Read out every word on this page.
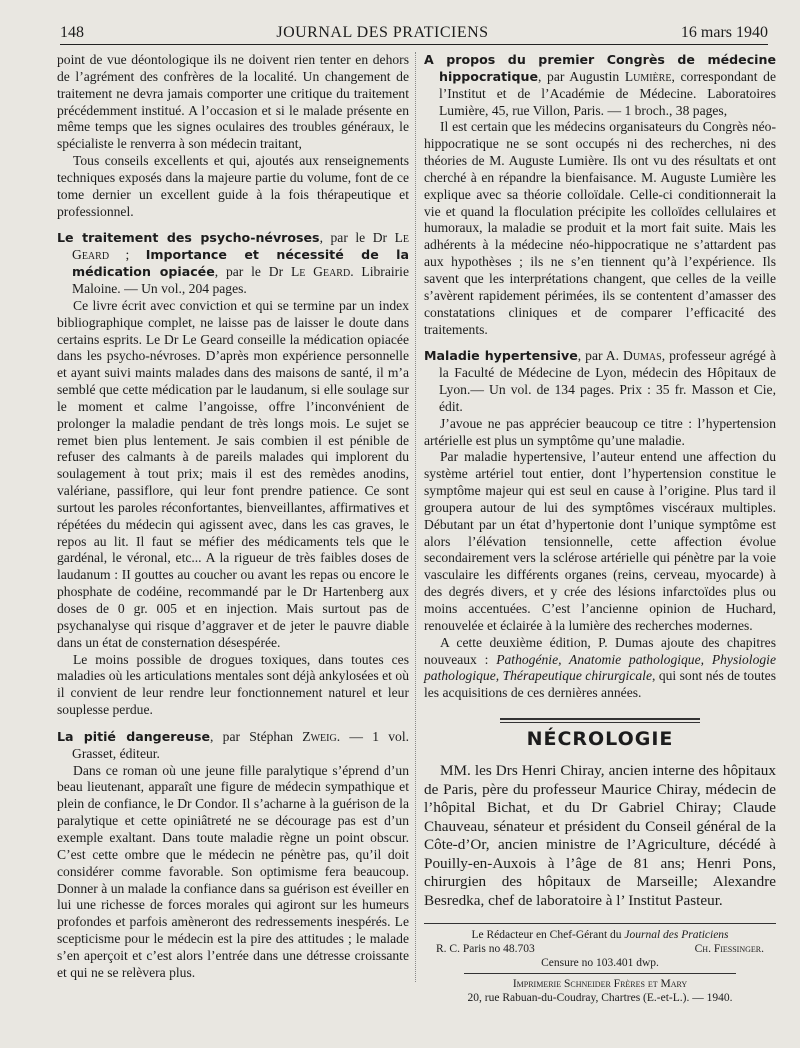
148	JOURNAL DES PRATICIENS	16 mars 1940

point de vue déontologique ils ne doivent rien tenter en dehors de l’agrément des confrères de la localité. Un changement de traitement ne devra jamais comporter une critique du traitement précédemment institué. A l’occasion et si le malade présente en même temps que les signes oculaires des troubles généraux, le spécialiste le renverra à son médecin traitant,

Tous conseils excellents et qui, ajoutés aux renseignements techniques exposés dans la majeure partie du volume, font de ce tome dernier un excellent guide à la fois thérapeutique et professionnel.

Le traitement des psycho-névroses, par le Dr Le Geard ; Importance et nécessité de la médication opiacée, par le Dr Le Geard. Librairie Maloine. — Un vol., 204 pages.

Ce livre écrit avec conviction et qui se termine par un index bibliographique complet, ne laisse pas de laisser le doute dans certains esprits. Le Dr Le Geard conseille la médication opiacée dans les psycho-névroses. D’après mon expérience personnelle et ayant suivi maints malades dans des maisons de santé, il m’a semblé que cette médication par le laudanum, si elle soulage sur le moment et calme l’angoisse, offre l’inconvénient de prolonger la maladie pendant de très longs mois. Le sujet se remet bien plus lentement. Je sais combien il est pénible de refuser des calmants à de pareils malades qui implorent du soulagement à tout prix; mais il est des remèdes anodins, valériane, passiflore, qui leur font prendre patience. Ce sont surtout les paroles réconfortantes, bienveillantes, affirmatives et répétées du médecin qui agissent avec, dans les cas graves, le repos au lit. Il faut se méfier des médicaments tels que le gardénal, le véronal, etc... A la rigueur de très faibles doses de laudanum : II gouttes au coucher ou avant les repas ou encore le phosphate de codéine, recommandé par le Dr Hartenberg aux doses de 0 gr. 005 et en injection. Mais surtout pas de psychanalyse qui risque d’aggraver et de jeter le pauvre diable dans un état de consternation désespérée.

Le moins possible de drogues toxiques, dans toutes ces maladies où les articulations mentales sont déjà ankylosées et où il convient de leur rendre leur fonctionnement naturel et leur souplesse perdue.

La pitié dangereuse, par Stéphan Zweig. — 1 vol. Grasset, éditeur.

Dans ce roman où une jeune fille paralytique s’éprend d’un beau lieutenant, apparaît une figure de médecin sympathique et plein de confiance, le Dr Condor. Il s’acharne à la guérison de la paralytique et cette opiniâtreté ne se décourage pas est d’un exemple exaltant. Dans toute maladie règne un point obscur. C’est cette ombre que le médecin ne pénètre pas, qu’il doit considérer comme favorable. Son optimisme fera beaucoup. Donner à un malade la confiance dans sa guérison est éveiller en lui une richesse de forces morales qui agiront sur les humeurs profondes et parfois amèneront des redressements inespérés. Le scepticisme pour le médecin est la pire des attitudes ; le malade s’en aperçoit et c’est alors l’entrée dans une détresse croissante et qui ne se relèvera plus.

A propos du premier Congrès de médecine hippocratique, par Augustin Lumière, correspondant de l’Institut et de l’Académie de Médecine. Laboratoires Lumière, 45, rue Villon, Paris. — 1 broch., 38 pages,

Il est certain que les médecins organisateurs du Congrès néo-hippocratique ne se sont occupés ni des recherches, ni des théories de M. Auguste Lumière. Ils ont vu des résultats et ont cherché à en répandre la bienfaisance. M. Auguste Lumière les explique avec sa théorie colloïdale. Celle-ci conditionnerait la vie et quand la floculation précipite les colloïdes cellulaires et humoraux, la maladie se produit et la mort fait suite. Mais les adhérents à la médecine néo-hippocratique ne s’attardent pas aux hypothèses ; ils ne s’en tiennent qu’à l’expérience. Ils savent que les interprétations changent, que celles de la veille s’avèrent rapidement périmées, ils se contentent d’amasser des constatations cliniques et de comparer l’efficacité des traitements.

Maladie hypertensive, par A. Dumas, professeur agrégé à la Faculté de Médecine de Lyon, médecin des Hôpitaux de Lyon.— Un vol. de 134 pages. Prix : 35 fr. Masson et Cie, édit.

J’avoue ne pas apprécier beaucoup ce titre : l’hypertension artérielle est plus un symptôme qu’une maladie.

Par maladie hypertensive, l’auteur entend une affection du système artériel tout entier, dont l’hypertension constitue le symptôme majeur qui est seul en cause à l’origine. Plus tard il groupera autour de lui des symptômes viscéraux multiples. Débutant par un état d’hypertonie dont l’unique symptôme est alors l’élévation tensionnelle, cette affection évolue secondairement vers la sclérose artérielle qui pénètre par la voie vasculaire les différents organes (reins, cerveau, myocarde) à des degrés divers, et y crée des lésions infarctoïdes plus ou moins accentuées. C’est l’ancienne opinion de Huchard, renouvelée et éclairée à la lumière des recherches modernes.

A cette deuxième édition, P. Dumas ajoute des chapitres nouveaux : Pathogénie, Anatomie pathologique, Physiologie pathologique, Thérapeutique chirurgicale, qui sont nés de toutes les acquisitions de ces dernières années.

NÉCROLOGIE

MM. les Drs Henri Chiray, ancien interne des hôpitaux de Paris, père du professeur Maurice Chiray, médecin de l’hôpital Bichat, et du Dr Gabriel Chiray; Claude Chauveau, sénateur et président du Conseil général de la Côte-d’Or, ancien ministre de l’Agriculture, décédé à Pouilly-en-Auxois à l’âge de 81 ans; Henri Pons, chirurgien des hôpitaux de Marseille; Alexandre Besredka, chef de laboratoire à l’ Institut Pasteur.

Le Rédacteur en Chef-Gérant du Journal des Praticiens
R. C. Paris no 48.703	Ch. Fiessinger.
Censure no 103.401 dwp.
Imprimerie Schneider Frères et Mary
20, rue Rabuan-du-Coudray, Chartres (E.-et-L.). — 1940.
